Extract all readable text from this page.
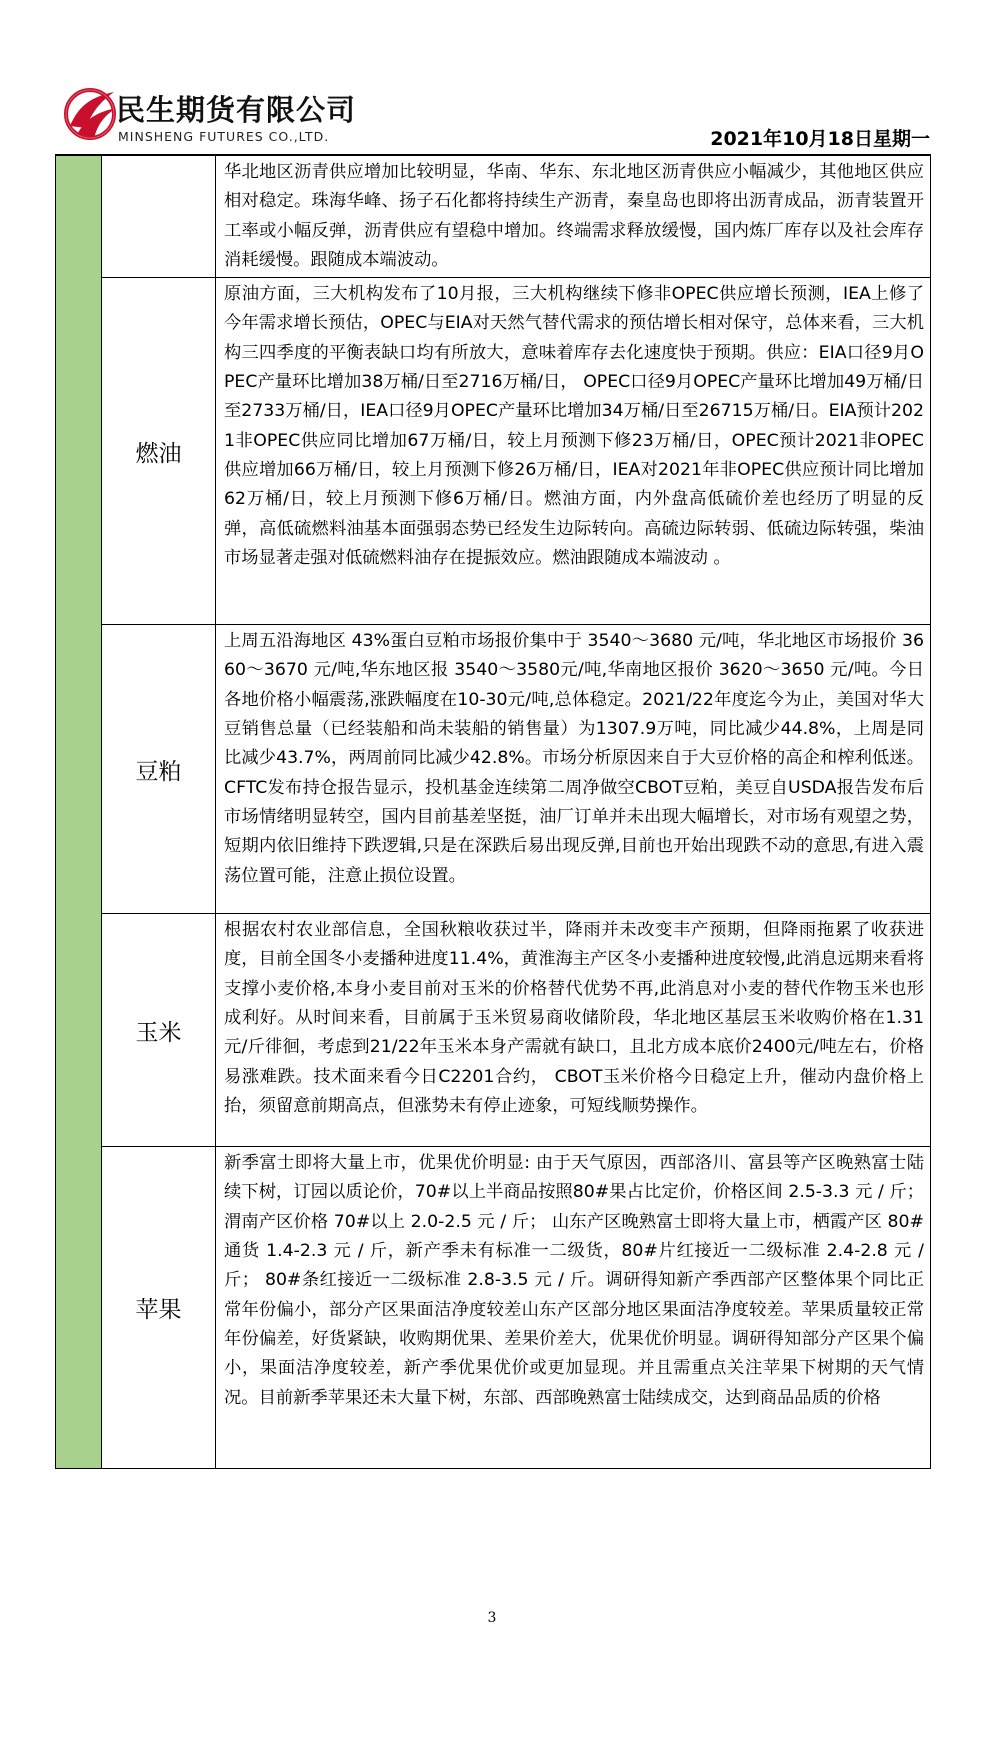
民生期货有限公司
MINSHENG FUTURES CO.,LTD.	2021年10月18日星期一
		华北地区沥青供应增加比较明显，华南、华东、东北地区沥青供应小幅减少，其他地区供应相对稳定。珠海华峰、扬子石化都将持续生产沥青，秦皇岛也即将出沥青成品，沥青装置开工率或小幅反弹，沥青供应有望稳中增加。终端需求释放缓慢，国内炼厂库存以及社会库存消耗缓慢。跟随成本端波动。
	燃油	原油方面，三大机构发布了10月报，三大机构继续下修非OPEC供应增长预测，IEA上修了今年需求增长预估，OPEC与EIA对天然气替代需求的预估增长相对保守，总体来看，三大机构三四季度的平衡表缺口均有所放大，意味着库存去化速度快于预期。供应：EIA口径9月OPEC产量环比增加38万桶/日至2716万桶/日， OPEC口径9月OPEC产量环比增加49万桶/日至2733万桶/日，IEA口径9月OPEC产量环比增加34万桶/日至26715万桶/日。EIA预计2021非OPEC供应同比增加67万桶/日，较上月预测下修23万桶/日，OPEC预计2021非OPEC供应增加66万桶/日，较上月预测下修26万桶/日，IEA对2021年非OPEC供应预计同比增加62万桶/日，较上月预测下修6万桶/日。燃油方面，内外盘高低硫价差也经历了明显的反弹，高低硫燃料油基本面强弱态势已经发生边际转向。高硫边际转弱、低硫边际转强，柴油市场显著走强对低硫燃料油存在提振效应。燃油跟随成本端波动 。
	豆粕	上周五沿海地区 43%蛋白豆粕市场报价集中于 3540～3680 元/吨，华北地区市场报价 3660～3670 元/吨,华东地区报 3540～3580元/吨,华南地区报价 3620～3650 元/吨。今日各地价格小幅震荡,涨跌幅度在10-30元/吨,总体稳定。2021/22年度迄今为止，美国对华大豆销售总量（已经装船和尚未装船的销售量）为1307.9万吨，同比减少44.8%，上周是同比减少43.7%，两周前同比减少42.8%。市场分析原因来自于大豆价格的高企和榨利低迷。CFTC发布持仓报告显示，投机基金连续第二周净做空CBOT豆粕，美豆自USDA报告发布后市场情绪明显转空，国内目前基差坚挺，油厂订单并未出现大幅增长，对市场有观望之势，短期内依旧维持下跌逻辑,只是在深跌后易出现反弹,目前也开始出现跌不动的意思,有进入震荡位置可能，注意止损位设置。
	玉米	根据农村农业部信息，全国秋粮收获过半，降雨并未改变丰产预期，但降雨拖累了收获进度，目前全国冬小麦播种进度11.4%，黄淮海主产区冬小麦播种进度较慢,此消息远期来看将支撑小麦价格,本身小麦目前对玉米的价格替代优势不再,此消息对小麦的替代作物玉米也形成利好。从时间来看，目前属于玉米贸易商收储阶段，华北地区基层玉米收购价格在1.31元/斤徘徊，考虑到21/22年玉米本身产需就有缺口，且北方成本底价2400元/吨左右，价格易涨难跌。技术面来看今日C2201合约， CBOT玉米价格今日稳定上升，催动内盘价格上抬，须留意前期高点，但涨势未有停止迹象，可短线顺势操作。
	苹果	新季富士即将大量上市，优果优价明显: 由于天气原因，西部洛川、富县等产区晚熟富士陆续下树，订园以质论价，70#以上半商品按照80#果占比定价，价格区间 2.5-3.3 元 / 斤； 渭南产区价格 70#以上 2.0-2.5 元 / 斤； 山东产区晚熟富士即将大量上市，栖霞产区 80#通货 1.4-2.3 元 / 斤，新产季未有标准一二级货，80#片红接近一二级标准 2.4-2.8 元 / 斤； 80#条红接近一二级标准 2.8-3.5 元 / 斤。调研得知新产季西部产区整体果个同比正常年份偏小，部分产区果面洁净度较差山东产区部分地区果面洁净度较差。苹果质量较正常年份偏差，好货紧缺，收购期优果、差果价差大，优果优价明显。调研得知部分产区果个偏小，果面洁净度较差，新产季优果优价或更加显现。并且需重点关注苹果下树期的天气情况。目前新季苹果还未大量下树，东部、西部晚熟富士陆续成交，达到商品品质的价格
3
